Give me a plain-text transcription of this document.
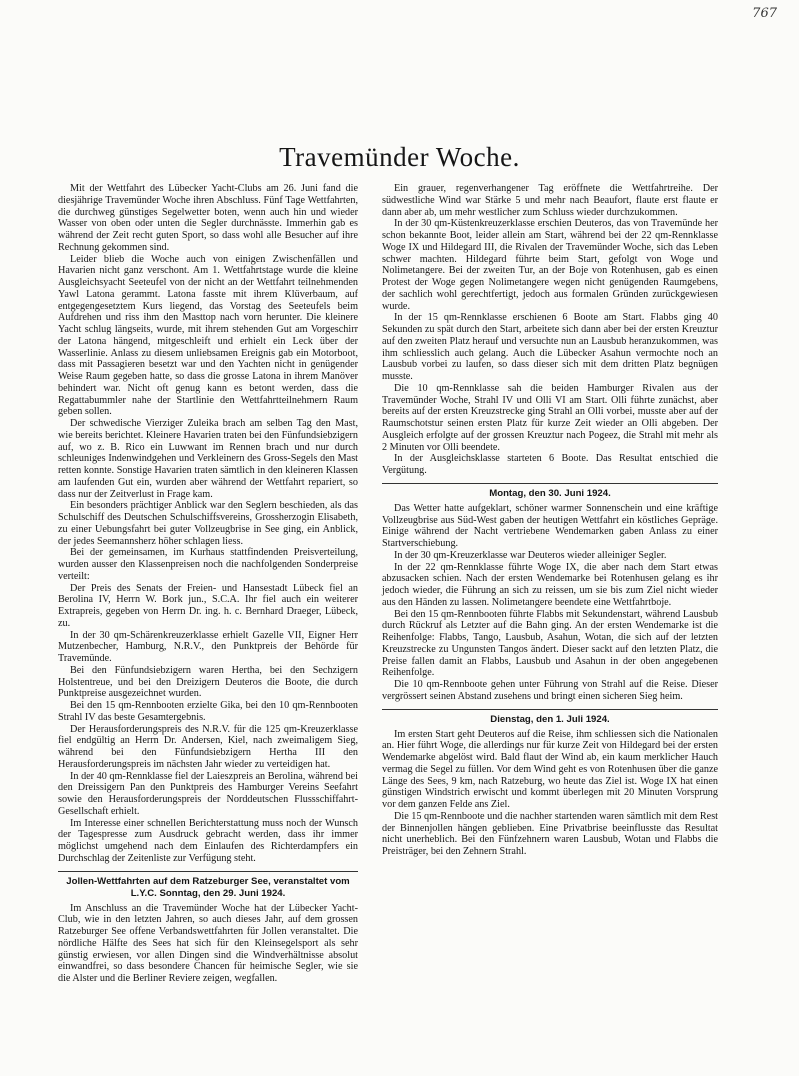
767
Travemünder Woche.

Mit der Wettfahrt des Lübecker Yacht-Clubs am 26. Juni fand die diesjährige Travemünder Woche ihren Abschluss. Fünf Tage Wettfahrten, die durchweg günstiges Segelwetter boten, wenn auch hin und wieder Wasser von oben oder unten die Segler durchnässte. Immerhin gab es während der Zeit recht guten Sport, so dass wohl alle Besucher auf ihre Rechnung gekommen sind.

Leider blieb die Woche auch von einigen Zwischenfällen und Havarien nicht ganz verschont. Am 1. Wettfahrtstage wurde die kleine Ausgleichsyacht Seeteufel von der nicht an der Wettfahrt teilnehmenden Yawl Latona gerammt. Latona fasste mit ihrem Klüverbaum, auf entgegengesetztem Kurs liegend, das Vorstag des Seeteufels beim Aufdrehen und riss ihm den Masttop nach vorn herunter. Die kleinere Yacht schlug längseits, wurde, mit ihrem stehenden Gut am Vorgeschirr der Latona hängend, mitgeschleift und erhielt ein Leck über der Wasserlinie. Anlass zu diesem unliebsamen Ereignis gab ein Motorboot, dass mit Passagieren besetzt war und den Yachten nicht in genügender Weise Raum gegeben hatte, so dass die grosse Latona in ihrem Manöver behindert war. Nicht oft genug kann es betont werden, dass die Regattabummler nahe der Startlinie den Wettfahrtteilnehmern Raum geben sollen.

Der schwedische Vierziger Zuleika brach am selben Tag den Mast, wie bereits berichtet. Kleinere Havarien traten bei den Fünfundsiebzigern auf, wo z. B. Rico ein Luwwant im Rennen brach und nur durch schleuniges Indenwindgehen und Verkleinern des Gross-Segels den Mast retten konnte. Sonstige Havarien traten sämtlich in den kleineren Klassen am laufenden Gut ein, wurden aber während der Wettfahrt repariert, so dass nur der Zeitverlust in Frage kam.

Ein besonders prächtiger Anblick war den Seglern beschieden, als das Schulschiff des Deutschen Schulschiffsvereins, Grossherzogin Elisabeth, zu einer Uebungsfahrt bei guter Vollzeugbrise in See ging, ein Anblick, der jedes Seemannsherz höher schlagen liess.

Bei der gemeinsamen, im Kurhaus stattfindenden Preisverteilung, wurden ausser den Klassenpreisen noch die nachfolgenden Sonderpreise verteilt:

Der Preis des Senats der Freien- und Hansestadt Lübeck fiel an Berolina IV, Herrn W. Bork jun., S.C.A. Ihr fiel auch ein weiterer Extrapreis, gegeben von Herrn Dr. ing. h. c. Bernhard Draeger, Lübeck, zu.

In der 30 qm-Schärenkreuzerklasse erhielt Gazelle VII, Eigner Herr Mutzenbecher, Hamburg, N.R.V., den Punktpreis der Behörde für Travemünde.

Bei den Fünfundsiebzigern waren Hertha, bei den Sechzigern Holstentreue, und bei den Dreizigern Deuteros die Boote, die durch Punktpreise ausgezeichnet wurden.

Bei den 15 qm-Rennbooten erzielte Gika, bei den 10 qm-Rennbooten Strahl IV das beste Gesamtergebnis.

Der Herausforderungspreis des N.R.V. für die 125 qm-Kreuzerklasse fiel endgültig an Herrn Dr. Andersen, Kiel, nach zweimaligem Sieg, während bei den Fünfundsiebzigern Hertha III den Herausforderungspreis im nächsten Jahr wieder zu verteidigen hat.

In der 40 qm-Rennklasse fiel der Laieszpreis an Berolina, während bei den Dreissigern Pan den Punktpreis des Hamburger Vereins Seefahrt sowie den Herausforderungspreis der Norddeutschen Flussschiffahrt-Gesellschaft erhielt.

Im Interesse einer schnellen Berichterstattung muss noch der Wunsch der Tagespresse zum Ausdruck gebracht werden, dass ihr immer möglichst umgehend nach dem Einlaufen des Richterdampfers ein Durchschlag der Zeitenliste zur Verfügung steht.

Jollen-Wettfahrten auf dem Ratzeburger See, veranstaltet vom L.Y.C. Sonntag, den 29. Juni 1924.

Im Anschluss an die Travemünder Woche hat der Lübecker Yacht-Club, wie in den letzten Jahren, so auch dieses Jahr, auf dem grossen Ratzeburger See offene Verbandswettfahrten für Jollen veranstaltet. Die nördliche Hälfte des Sees hat sich für den Kleinsegelsport als sehr günstig erwiesen, vor allen Dingen sind die Windverhältnisse absolut einwandfrei, so dass besondere Chancen für heimische Segler, wie sie die Alster und die Berliner Reviere zeigen, wegfallen.

Ein grauer, regenverhangener Tag eröffnete die Wettfahrtreihe. Der südwestliche Wind war Stärke 5 und mehr nach Beaufort, flaute erst flaute er dann aber ab, um mehr westlicher zum Schluss wieder durchzukommen.

In der 30 qm-Küstenkreuzerklasse erschien Deuteros, das von Travemünde her schon bekannte Boot, leider allein am Start, während bei der 22 qm-Rennklasse Woge IX und Hildegard III, die Rivalen der Travemünder Woche, sich das Leben schwer machten. Hildegard führte beim Start, gefolgt von Woge und Nolimetangere. Bei der zweiten Tur, an der Boje von Rotenhusen, gab es einen Protest der Woge gegen Nolimetangere wegen nicht genügenden Raumgebens, der sachlich wohl gerechtfertigt, jedoch aus formalen Gründen zurückgewiesen wurde.

In der 15 qm-Rennklasse erschienen 6 Boote am Start. Flabbs ging 40 Sekunden zu spät durch den Start, arbeitete sich dann aber bei der ersten Kreuztur auf den zweiten Platz herauf und versuchte nun an Lausbub heranzukommen, was ihm schliesslich auch gelang. Auch die Lübecker Asahun vermochte noch an Lausbub vorbei zu laufen, so dass dieser sich mit dem dritten Platz begnügen musste.

Die 10 qm-Rennklasse sah die beiden Hamburger Rivalen aus der Travemünder Woche, Strahl IV und Olli VI am Start. Olli führte zunächst, aber bereits auf der ersten Kreuzstrecke ging Strahl an Olli vorbei, musste aber auf der Raumschotstur seinen ersten Platz für kurze Zeit wieder an Olli abgeben. Der Ausgleich erfolgte auf der grossen Kreuztur nach Pogeez, die Strahl mit mehr als 2 Minuten vor Olli beendete.

In der Ausgleichsklasse starteten 6 Boote. Das Resultat entschied die Vergütung.

Montag, den 30. Juni 1924.

Das Wetter hatte aufgeklart, schöner warmer Sonnenschein und eine kräftige Vollzeugbrise aus Süd-West gaben der heutigen Wettfahrt ein köstliches Gepräge. Einige während der Nacht vertriebene Wendemarken gaben Anlass zu einer Startverschiebung.

In der 30 qm-Kreuzerklasse war Deuteros wieder alleiniger Segler.

In der 22 qm-Rennklasse führte Woge IX, die aber nach dem Start etwas abzusacken schien. Nach der ersten Wendemarke bei Rotenhusen gelang es ihr jedoch wieder, die Führung an sich zu reissen, um sie bis zum Ziel nicht wieder aus den Händen zu lassen. Nolimetangere beendete eine Wettfahrtboje.

Bei den 15 qm-Rennbooten führte Flabbs mit Sekundenstart, während Lausbub durch Rückruf als Letzter auf die Bahn ging. An der ersten Wendemarke ist die Reihenfolge: Flabbs, Tango, Lausbub, Asahun, Wotan, die sich auf der letzten Kreuzstrecke zu Ungunsten Tangos ändert. Dieser sackt auf den letzten Platz, die Preise fallen damit an Flabbs, Lausbub und Asahun in der oben angegebenen Reihenfolge.

Die 10 qm-Rennboote gehen unter Führung von Strahl auf die Reise. Dieser vergrössert seinen Abstand zusehens und bringt einen sicheren Sieg heim.

Dienstag, den 1. Juli 1924.

Im ersten Start geht Deuteros auf die Reise, ihm schliessen sich die Nationalen an. Hier führt Woge, die allerdings nur für kurze Zeit von Hildegard bei der ersten Wendemarke abgelöst wird. Bald flaut der Wind ab, ein kaum merklicher Hauch vermag die Segel zu füllen. Vor dem Wind geht es von Rotenhusen über die ganze Länge des Sees, 9 km, nach Ratzeburg, wo heute das Ziel ist. Woge IX hat einen günstigen Windstrich erwischt und kommt überlegen mit 20 Minuten Vorsprung vor dem ganzen Felde ans Ziel.

Die 15 qm-Rennboote und die nachher startenden waren sämtlich mit dem Rest der Binnenjollen hängen geblieben. Eine Privatbrise beeinflusste das Resultat nicht unerheblich. Bei den Fünfzehnern waren Lausbub, Wotan und Flabbs die Preisträger, bei den Zehnern Strahl.
